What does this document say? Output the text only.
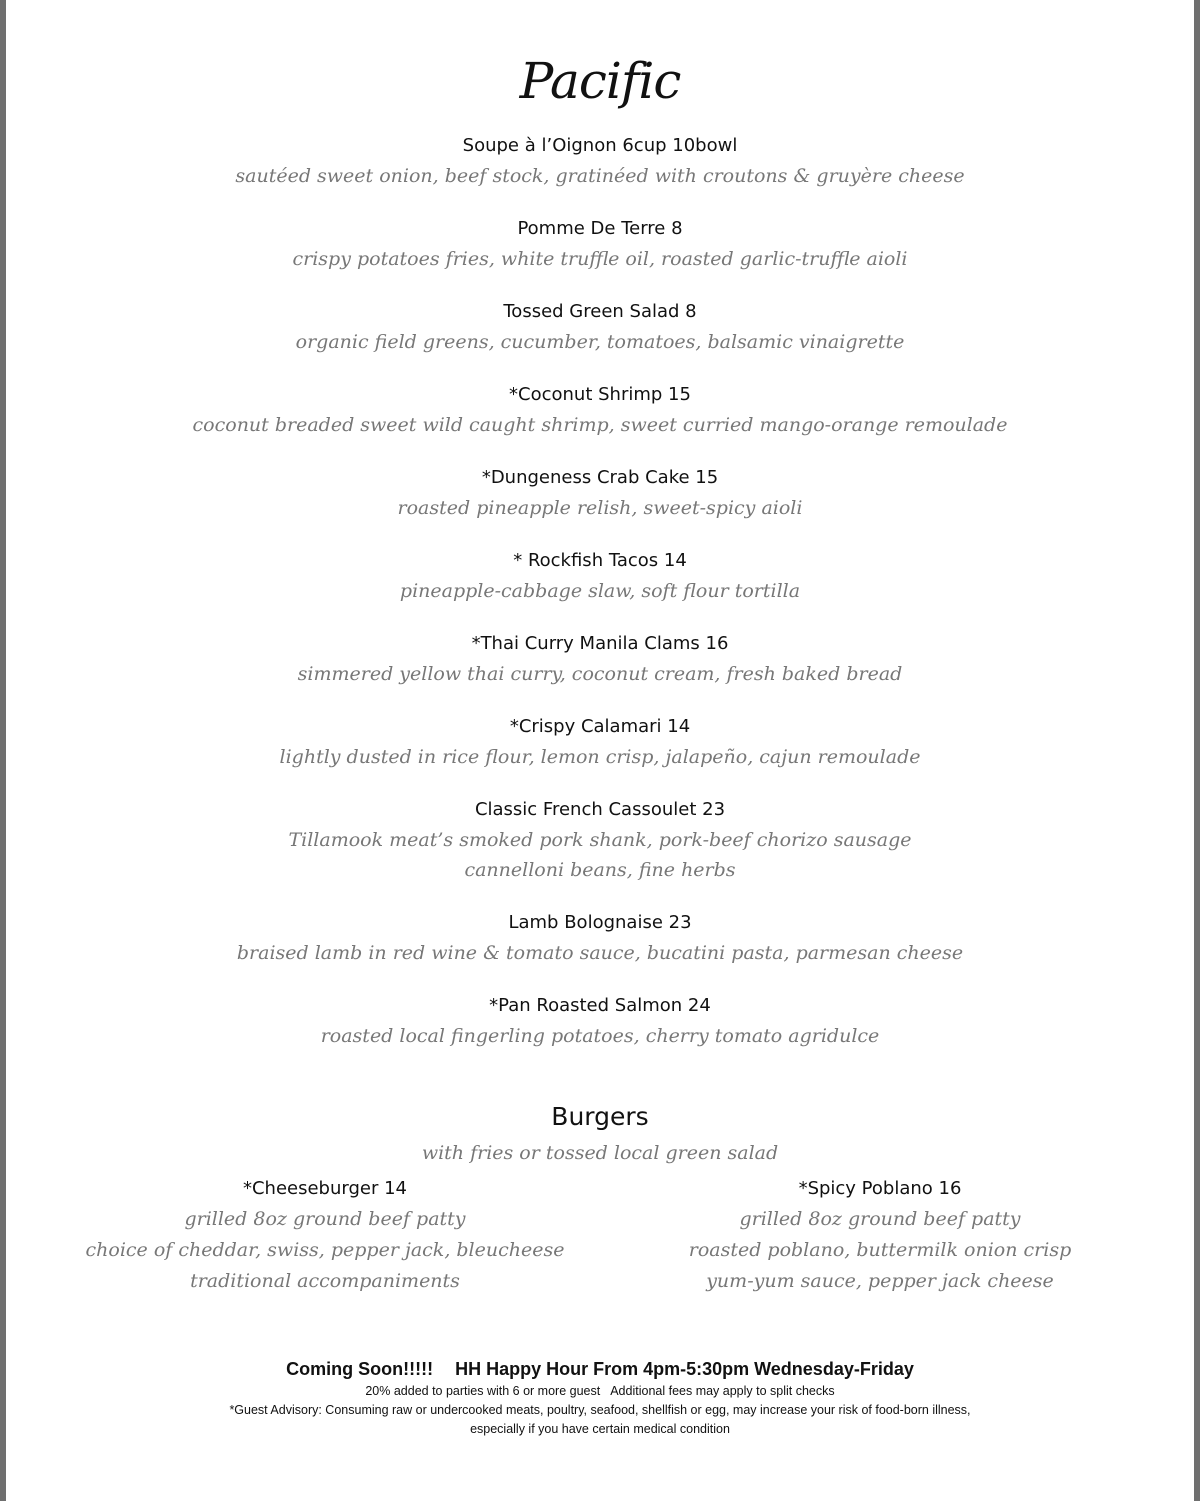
Pacific
Soupe à l’Oignon 6cup 10bowl
sautéed sweet onion, beef stock, gratinéed with croutons & gruyère cheese
Pomme De Terre 8
crispy potatoes fries, white truffle oil, roasted garlic-truffle aioli
Tossed Green Salad 8
organic field greens, cucumber, tomatoes, balsamic vinaigrette
*Coconut Shrimp 15
coconut breaded sweet wild caught shrimp, sweet curried mango-orange remoulade
*Dungeness Crab Cake 15
roasted pineapple relish, sweet-spicy aioli
* Rockfish Tacos 14
pineapple-cabbage slaw, soft flour tortilla
*Thai Curry Manila Clams 16
simmered yellow thai curry, coconut cream, fresh baked bread
*Crispy Calamari 14
lightly dusted in rice flour, lemon crisp, jalapeño, cajun remoulade
Classic French Cassoulet 23
Tillamook meat’s smoked pork shank, pork-beef chorizo sausage
cannelloni beans, fine herbs
Lamb Bolognaise 23
braised lamb in red wine & tomato sauce, bucatini pasta, parmesan cheese
*Pan Roasted Salmon 24
roasted local fingerling potatoes, cherry tomato agridulce
Burgers
with fries or tossed local green salad
*Cheeseburger 14
grilled 8oz ground beef patty
choice of cheddar, swiss, pepper jack, bleucheese
traditional accompaniments
*Spicy Poblano 16
grilled 8oz ground beef patty
roasted poblano, buttermilk onion crisp
yum-yum sauce, pepper jack cheese
Coming Soon!!!!! HH Happy Hour From 4pm-5:30pm Wednesday-Friday
20% added to parties with 6 or more guest Additional fees may apply to split checks
*Guest Advisory: Consuming raw or undercooked meats, poultry, seafood, shellfish or egg, may increase your risk of food-born illness,
especially if you have certain medical condition
